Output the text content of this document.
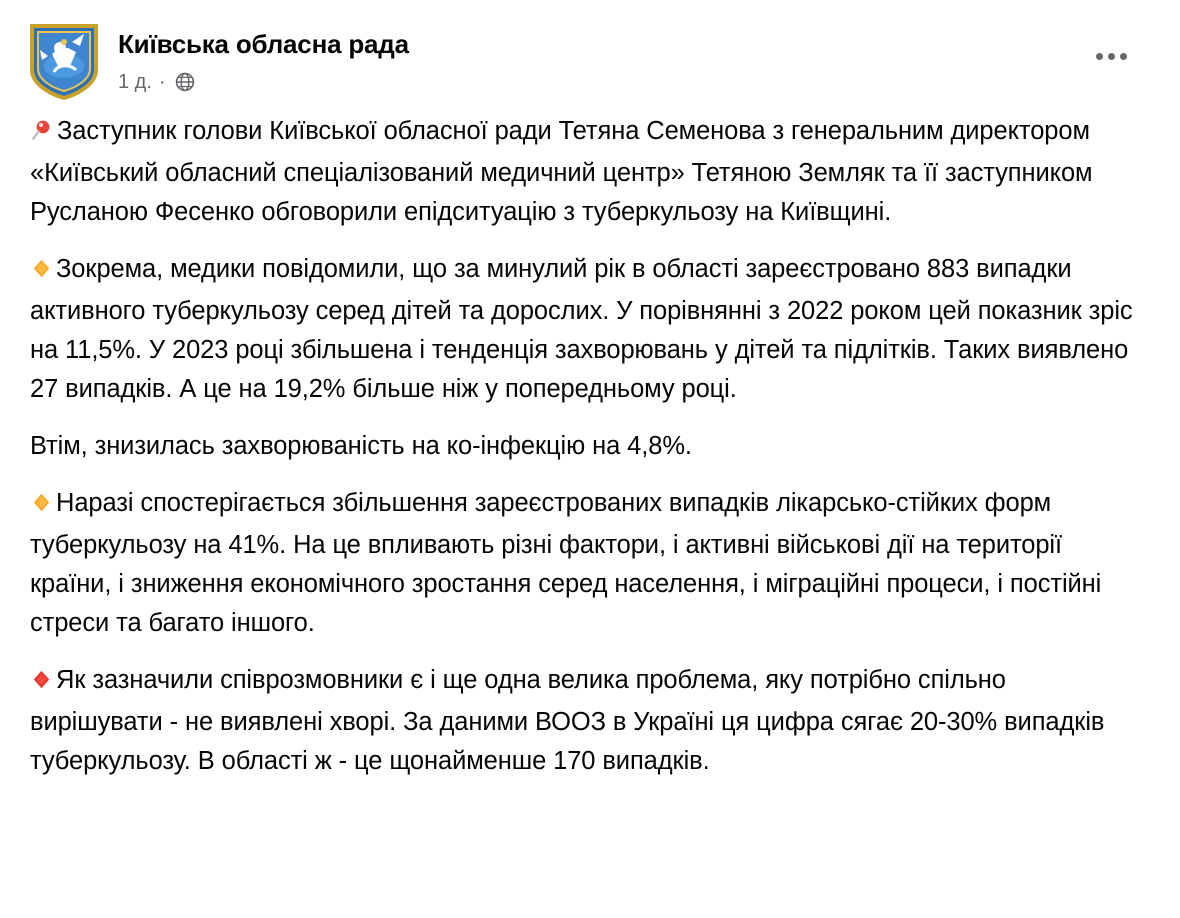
Київська обласна рада
1 д. ·

Заступник голови Київської обласної ради Тетяна Семенова з генеральним директором «Київський обласний спеціалізований медичний центр» Тетяною Земляк та її заступником Русланою Фесенко обговорили епідситуацію з туберкульозу на Київщині.

Зокрема, медики повідомили, що за минулий рік в області зареєстровано 883 випадки активного туберкульозу серед дітей та дорослих. У порівнянні з 2022 роком цей показник зріс на 11,5%. У 2023 році збільшена і тенденція захворювань у дітей та підлітків. Таких виявлено 27 випадків. А це на 19,2% більше ніж у попередньому році.

Втім, знизилась захворюваність на ко-інфекцію на 4,8%.

Наразі спостерігається збільшення зареєстрованих випадків лікарсько-стійких форм туберкульозу на 41%. На це впливають різні фактори, і активні військові дії на території країни, і зниження економічного зростання серед населення, і міграційні процеси, і постійні стреси та багато іншого.

Як зазначили співрозмовники є і ще одна велика проблема, яку потрібно спільно вирішувати - не виявлені хворі. За даними ВООЗ в Україні ця цифра сягає 20-30% випадків туберкульозу. В області ж - це щонайменше 170 випадків.
